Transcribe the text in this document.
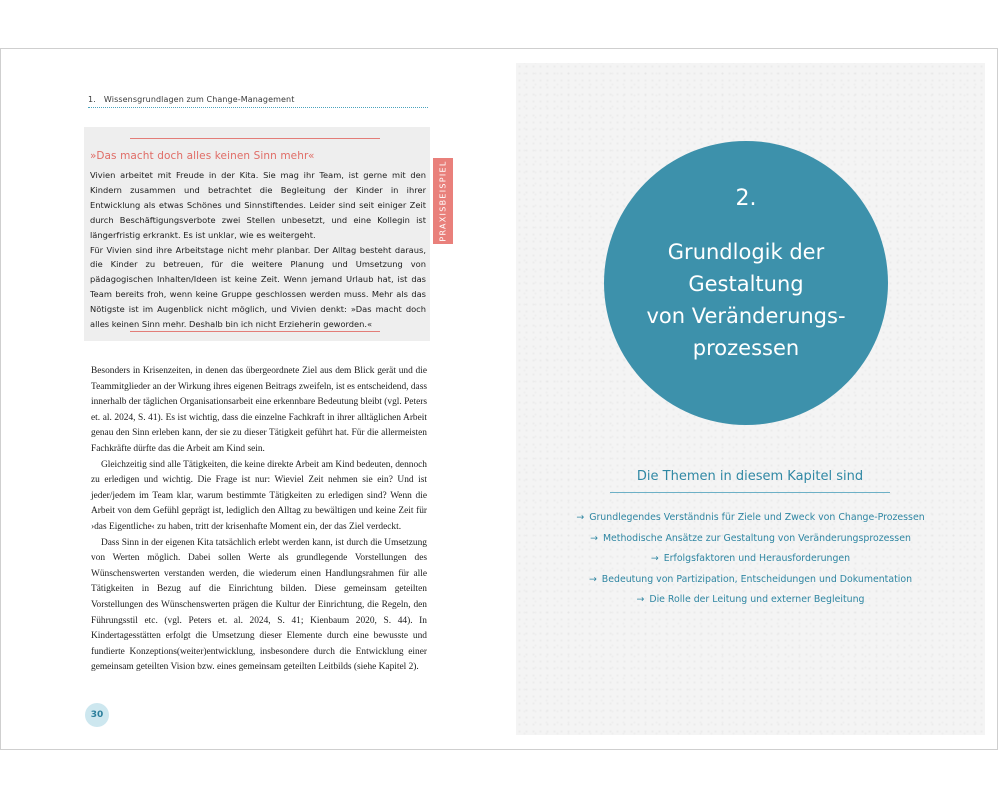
1. Wissensgrundlagen zum Change-Management
»Das macht doch alles keinen Sinn mehr«

Vivien arbeitet mit Freude in der Kita. Sie mag ihr Team, ist gerne mit den Kindern zusammen und betrachtet die Begleitung der Kinder in ihrer Entwicklung als etwas Schönes und Sinnstiftendes. Leider sind seit einiger Zeit durch Beschäftigungsverbote zwei Stellen unbesetzt, und eine Kollegin ist längerfristig erkrankt. Es ist unklar, wie es weitergeht.

Für Vivien sind ihre Arbeitstage nicht mehr planbar. Der Alltag besteht daraus, die Kinder zu betreuen, für die weitere Planung und Umsetzung von pädagogischen Inhalten/Ideen ist keine Zeit. Wenn jemand Urlaub hat, ist das Team bereits froh, wenn keine Gruppe geschlossen werden muss. Mehr als das Nötigste ist im Augenblick nicht möglich, und Vivien denkt: »Das macht doch alles keinen Sinn mehr. Deshalb bin ich nicht Erzieherin geworden.«

PRAXISBEISPIEL

Besonders in Krisenzeiten, in denen das übergeordnete Ziel aus dem Blick gerät und die Teammitglieder an der Wirkung ihres eigenen Beitrags zweifeln, ist es entscheidend, dass innerhalb der täglichen Organisationsarbeit eine erkennbare Bedeutung bleibt (vgl. Peters et. al. 2024, S. 41). Es ist wichtig, dass die einzelne Fachkraft in ihrer alltäglichen Arbeit genau den Sinn erleben kann, der sie zu dieser Tätigkeit geführt hat. Für die allermeisten Fachkräfte dürfte das die Arbeit am Kind sein.

Gleichzeitig sind alle Tätigkeiten, die keine direkte Arbeit am Kind bedeuten, dennoch zu erledigen und wichtig. Die Frage ist nur: Wieviel Zeit nehmen sie ein? Und ist jeder/jedem im Team klar, warum bestimmte Tätigkeiten zu erledigen sind? Wenn die Arbeit von dem Gefühl geprägt ist, lediglich den Alltag zu bewältigen und keine Zeit für ›das Eigentliche‹ zu haben, tritt der krisenhafte Moment ein, der das Ziel verdeckt.

Dass Sinn in der eigenen Kita tatsächlich erlebt werden kann, ist durch die Umsetzung von Werten möglich. Dabei sollen Werte als grundlegende Vorstellungen des Wünschenswerten verstanden werden, die wiederum einen Handlungsrahmen für alle Tätigkeiten in Bezug auf die Einrichtung bilden. Diese gemeinsam geteilten Vorstellungen des Wünschenswerten prägen die Kultur der Einrichtung, die Regeln, den Führungsstil etc. (vgl. Peters et. al. 2024, S. 41; Kienbaum 2020, S. 44). In Kindertagesstätten erfolgt die Umsetzung dieser Elemente durch eine bewusste und fundierte Konzeptions(weiter)entwicklung, insbesondere durch die Entwicklung einer gemeinsam geteilten Vision bzw. eines gemeinsam geteilten Leitbilds (siehe Kapitel 2).

30
2.
Grundlogik der
Gestaltung
von Veränderungs-
prozessen
Die Themen in diesem Kapitel sind
→ Grundlegendes Verständnis für Ziele und Zweck von Change-Prozessen
→ Methodische Ansätze zur Gestaltung von Veränderungsprozessen
→ Erfolgsfaktoren und Herausforderungen
→ Bedeutung von Partizipation, Entscheidungen und Dokumentation
→ Die Rolle der Leitung und externer Begleitung
